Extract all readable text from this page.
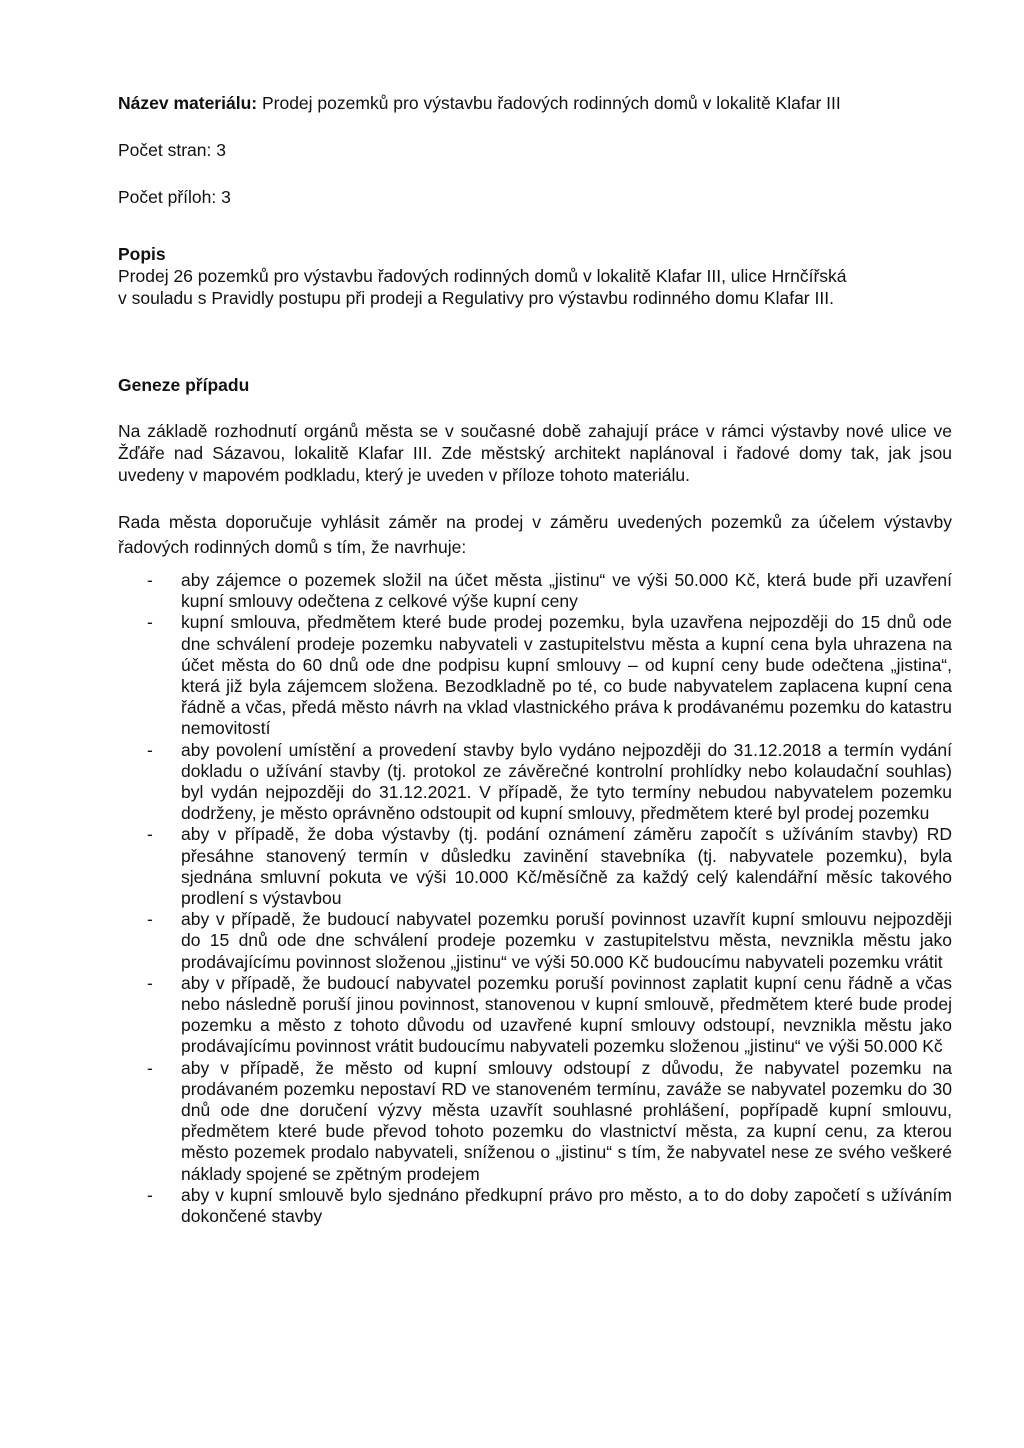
Název materiálu: Prodej pozemků pro výstavbu řadových rodinných domů v lokalitě Klafar III

Počet stran: 3

Počet příloh: 3

Popis

Prodej 26 pozemků pro výstavbu řadových rodinných domů v lokalitě Klafar III, ulice Hrnčířská

v souladu s Pravidly postupu při prodeji a Regulativy pro výstavbu rodinného domu Klafar III.

Geneze případu

Na základě rozhodnutí orgánů města se v současné době zahajují práce v rámci výstavby nové ulice ve Žďáře nad Sázavou, lokalitě Klafar III. Zde městský architekt naplánoval i řadové domy tak, jak jsou uvedeny v mapovém podkladu, který je uveden v příloze tohoto materiálu.

Rada města doporučuje vyhlásit záměr na prodej v záměru uvedených pozemků za účelem výstavby řadových rodinných domů s tím, že navrhuje:

- aby zájemce o pozemek složil na účet města „jistinu“ ve výši 50.000 Kč, která bude při uzavření kupní smlouvy odečtena z celkové výše kupní ceny
- kupní smlouva, předmětem které bude prodej pozemku, byla uzavřena nejpozději do 15 dnů ode dne schválení prodeje pozemku nabyvateli v zastupitelstvu města a kupní cena byla uhrazena na účet města do 60 dnů ode dne podpisu kupní smlouvy – od kupní ceny bude odečtena „jistina“, která již byla zájemcem složena. Bezodkladně po té, co bude nabyvatelem zaplacena kupní cena řádně a včas, předá město návrh na vklad vlastnického práva k prodávanému pozemku do katastru nemovitostí
- aby povolení umístění a provedení stavby bylo vydáno nejpozději do 31.12.2018 a termín vydání dokladu o užívání stavby (tj. protokol ze závěrečné kontrolní prohlídky nebo kolaudační souhlas) byl vydán nejpozději do 31.12.2021. V případě, že tyto termíny nebudou nabyvatelem pozemku dodrženy, je město oprávněno odstoupit od kupní smlouvy, předmětem které byl prodej pozemku
- aby v případě, že doba výstavby (tj. podání oznámení záměru započít s užíváním stavby) RD přesáhne stanovený termín v důsledku zavinění stavebníka (tj. nabyvatele pozemku), byla sjednána smluvní pokuta ve výši 10.000 Kč/měsíčně za každý celý kalendářní měsíc takového prodlení s výstavbou
- aby v případě, že budoucí nabyvatel pozemku poruší povinnost uzavřít kupní smlouvu nejpozději do 15 dnů ode dne schválení prodeje pozemku v zastupitelstvu města, nevznikla městu jako prodávajícímu povinnost složenou „jistinu“ ve výši 50.000 Kč budoucímu nabyvateli pozemku vrátit
- aby v případě, že budoucí nabyvatel pozemku poruší povinnost zaplatit kupní cenu řádně a včas nebo následně poruší jinou povinnost, stanovenou v kupní smlouvě, předmětem které bude prodej pozemku a město z tohoto důvodu od uzavřené kupní smlouvy odstoupí, nevznikla městu jako prodávajícímu povinnost vrátit budoucímu nabyvateli pozemku složenou „jistinu“ ve výši 50.000 Kč
- aby v případě, že město od kupní smlouvy odstoupí z důvodu, že nabyvatel pozemku na prodávaném pozemku nepostaví RD ve stanoveném termínu, zaváže se nabyvatel pozemku do 30 dnů ode dne doručení výzvy města uzavřít souhlasné prohlášení, popřípadě kupní smlouvu, předmětem které bude převod tohoto pozemku do vlastnictví města, za kupní cenu, za kterou město pozemek prodalo nabyvateli, sníženou o „jistinu“ s tím, že nabyvatel nese ze svého veškeré náklady spojené se zpětným prodejem
- aby v kupní smlouvě bylo sjednáno předkupní právo pro město, a to do doby započetí s užíváním dokončené stavby
